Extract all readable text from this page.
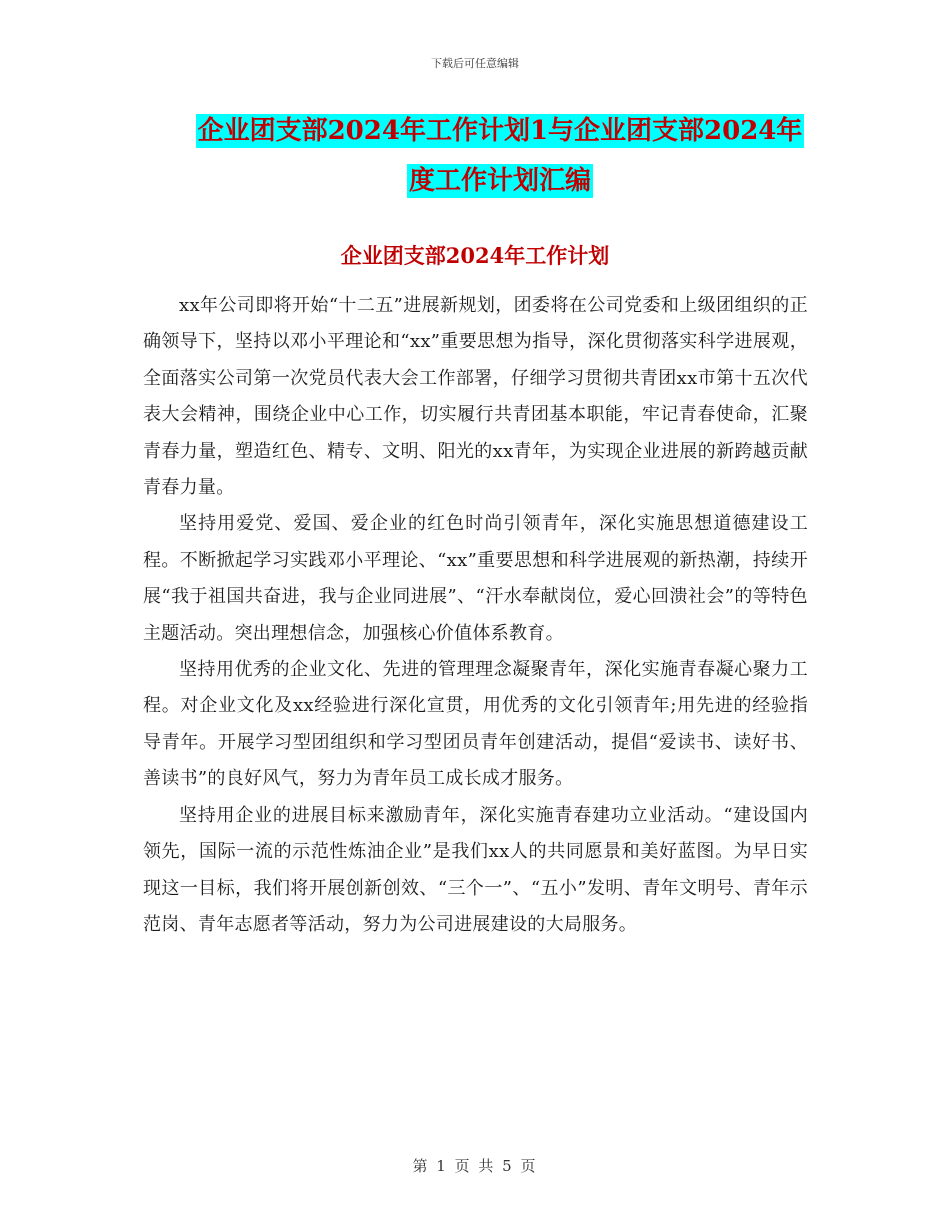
下载后可任意编辑
企业团支部2024年工作计划1与企业团支部2024年
度工作计划汇编
企业团支部2024年工作计划

xx年公司即将开始“十二五”进展新规划，团委将在公司党委和上级团组织的正确领导下，坚持以邓小平理论和“xx”重要思想为指导，深化贯彻落实科学进展观，全面落实公司第一次党员代表大会工作部署，仔细学习贯彻共青团xx市第十五次代表大会精神，围绕企业中心工作，切实履行共青团基本职能，牢记青春使命，汇聚青春力量，塑造红色、精专、文明、阳光的xx青年，为实现企业进展的新跨越贡献青春力量。

坚持用爱党、爱国、爱企业的红色时尚引领青年，深化实施思想道德建设工程。不断掀起学习实践邓小平理论、“xx”重要思想和科学进展观的新热潮，持续开展“我于祖国共奋进，我与企业同进展”、“汗水奉献岗位，爱心回溃社会”的等特色主题活动。突出理想信念，加强核心价值体系教育。

坚持用优秀的企业文化、先进的管理理念凝聚青年，深化实施青春凝心聚力工程。对企业文化及xx经验进行深化宣贯，用优秀的文化引领青年;用先进的经验指导青年。开展学习型团组织和学习型团员青年创建活动，提倡“爱读书、读好书、善读书”的良好风气，努力为青年员工成长成才服务。

坚持用企业的进展目标来激励青年，深化实施青春建功立业活动。“建设国内领先，国际一流的示范性炼油企业”是我们xx人的共同愿景和美好蓝图。为早日实现这一目标，我们将开展创新创效、“三个一”、“五小”发明、青年文明号、青年示范岗、青年志愿者等活动，努力为公司进展建设的大局服务。

第 1 页 共 5 页
